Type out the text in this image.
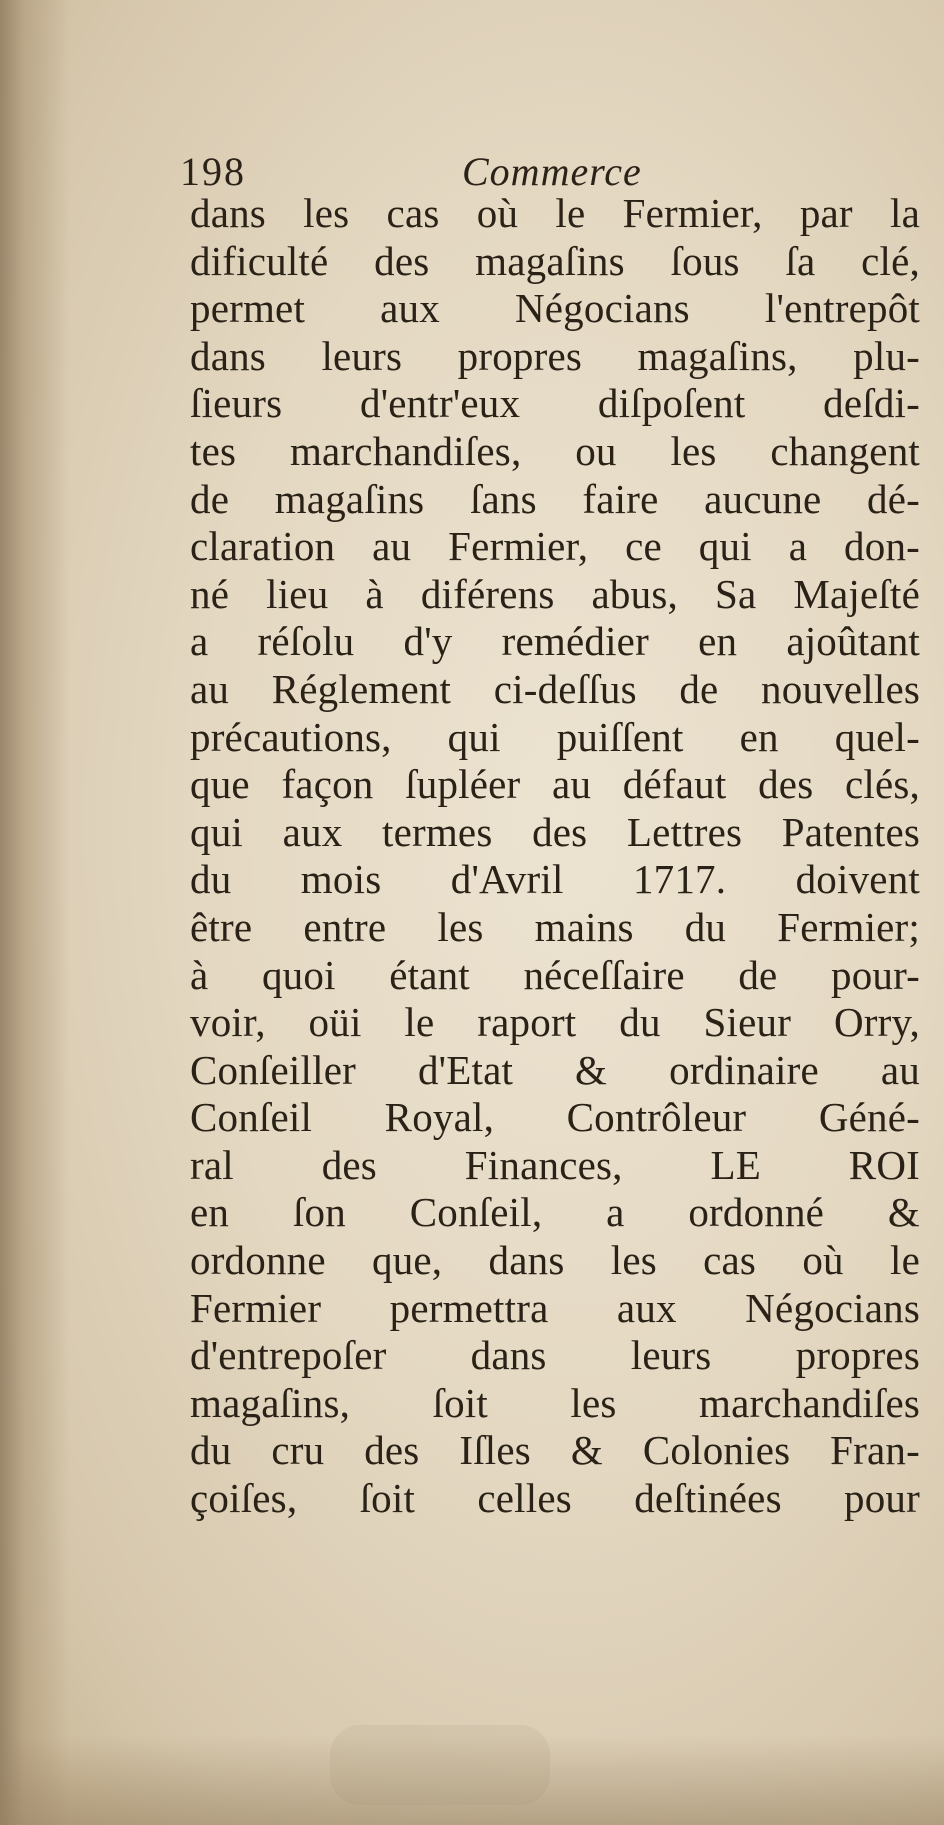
198	Commerce
dans les cas où le Fermier, par la
dificulté des magaſins ſous ſa clé,
permet aux Négocians l'entrepôt
dans leurs propres magaſins, plu-
ſieurs d'entr'eux diſpoſent deſdi-
tes marchandiſes, ou les changent
de magaſins ſans faire aucune dé-
claration au Fermier, ce qui a don-
né lieu à diférens abus, Sa Majeſté
a réſolu d'y remédier en ajoûtant
au Réglement ci-deſſus de nouvelles
précautions, qui puiſſent en quel-
que façon ſupléer au défaut des clés,
qui aux termes des Lettres Patentes
du mois d'Avril 1717. doivent
être entre les mains du Fermier;
à quoi étant néceſſaire de pour-
voir, oüi le raport du Sieur Orry,
Conſeiller d'Etat & ordinaire au
Conſeil Royal, Contrôleur Géné-
ral des Finances, LE ROI
en ſon Conſeil, a ordonné &
ordonne que, dans les cas où le
Fermier permettra aux Négocians
d'entrepoſer dans leurs propres
magaſins, ſoit les marchandiſes
du cru des Iſles & Colonies Fran-
çoiſes, ſoit celles deſtinées pour
